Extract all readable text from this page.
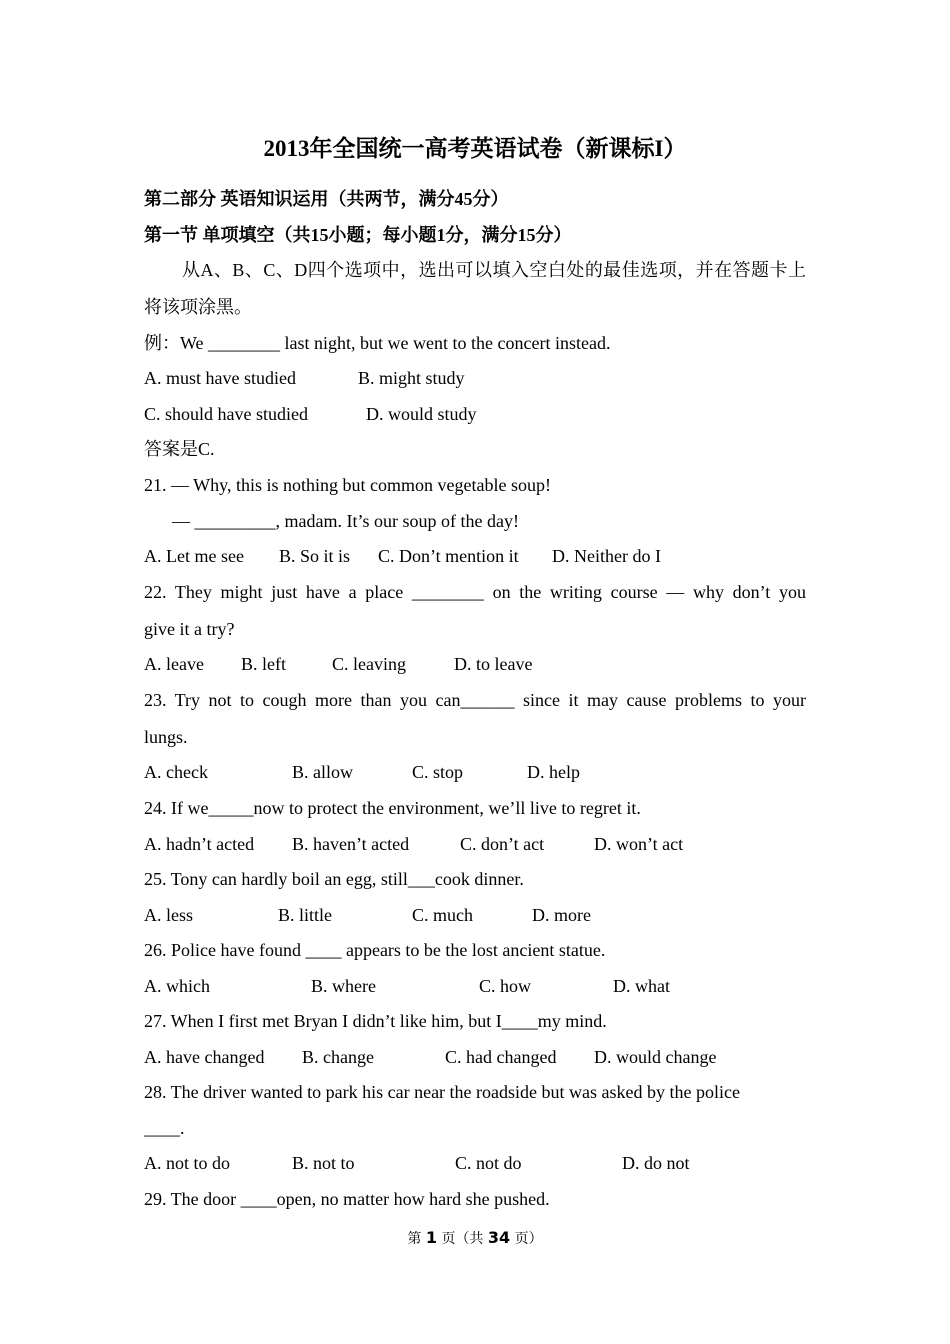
2013年全国统一高考英语试卷（新课标I）
第二部分 英语知识运用（共两节，满分45分）
第一节 单项填空（共15小题；每小题1分，满分15分）
从A、B、C、D四个选项中，选出可以填入空白处的最佳选项，并在答题卡上
将该项涂黑。
例：We ________ last night, but we went to the concert instead.
A. must have studied	B. might study
C. should have studied	D. would study
答案是C.
21. — Why, this is nothing but common vegetable soup!
— _________, madam. It’s our soup of the day!
A. Let me see B. So it is C. Don’t mention it D. Neither do I
22. They might just have a place ________ on the writing course — why don’t you
give it a try?
A. leave B. left	C. leaving	D. to leave
23. Try not to cough more than you can______ since it may cause problems to your
lungs.
A. check	B. allow	C. stop	D. help
24. If we_____now to protect the environment, we’ll live to regret it.
A. hadn’t acted B. haven’t acted	C. don’t act	D. won’t act
25. Tony can hardly boil an egg, still___cook dinner.
A. less	B. little	C. much	D. more
26. Police have found ____ appears to be the lost ancient statue.
A. which	B. where	C. how	D. what
27. When I first met Bryan I didn’t like him, but I____my mind.
A. have changed B. change	C. had changed D. would change
28. The driver wanted to park his car near the roadside but was asked by the police
____.
A. not to do	B. not to	C. not do	D. do not
29. The door ____open, no matter how hard she pushed.
第 1 页（共 34 页）
